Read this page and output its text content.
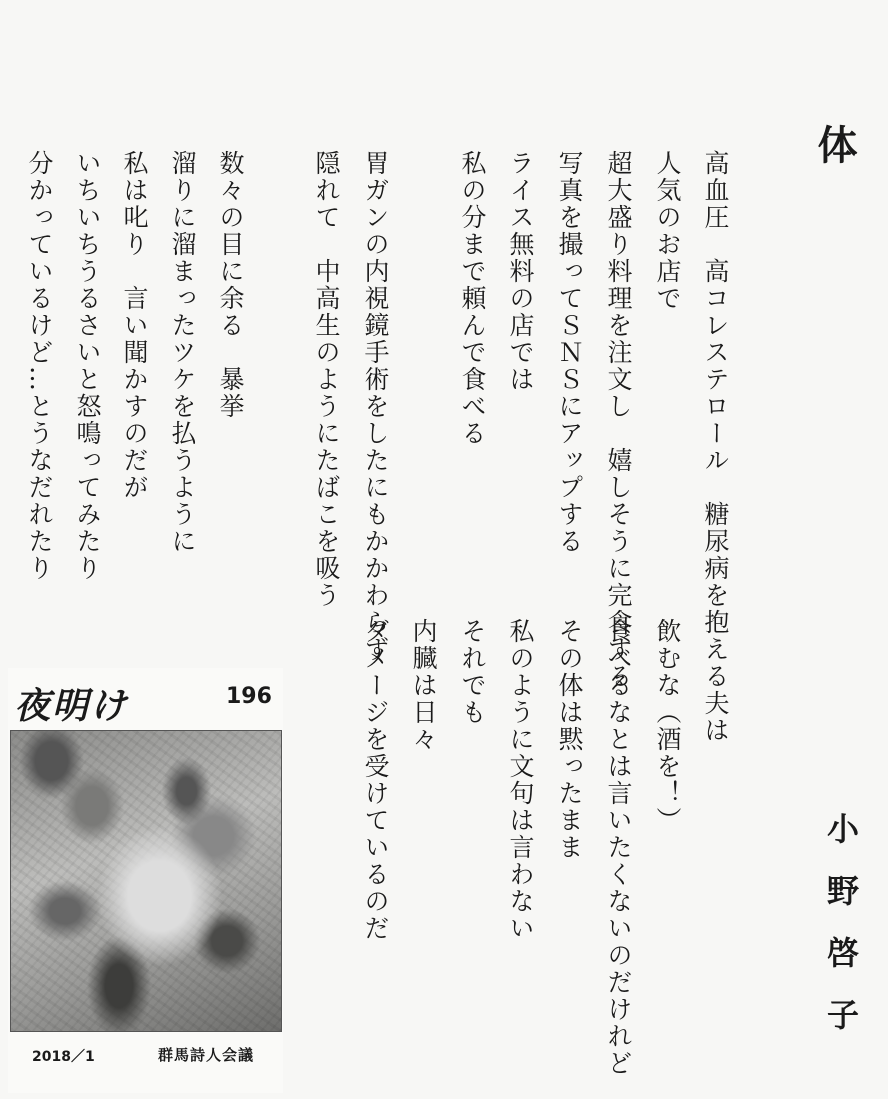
体
高血圧　高コレステロール　糖尿病を抱える夫は
人気のお店で
超大盛り料理を注文し　嬉しそうに完食する
写真を撮ってＳＮＳにアップする
ライス無料の店では
私の分まで頼んで食べる
胃ガンの内視鏡手術をしたにもかかわらず
隠れて　中高生のようにたばこを吸う
数々の目に余る　暴挙
溜りに溜まったツケを払うように
私は叱り　言い聞かすのだが
いちいちうるさいと怒鳴ってみたり
分かっているけど…とうなだれたり
飲むな（酒を！）
食べるなとは言いたくないのだけれど
その体は黙ったまま
私のように文句は言わない
それでも
内臓は日々
ダメージを受けているのだ	小野啓子
夜明け	196
2018／1	群馬詩人会議
